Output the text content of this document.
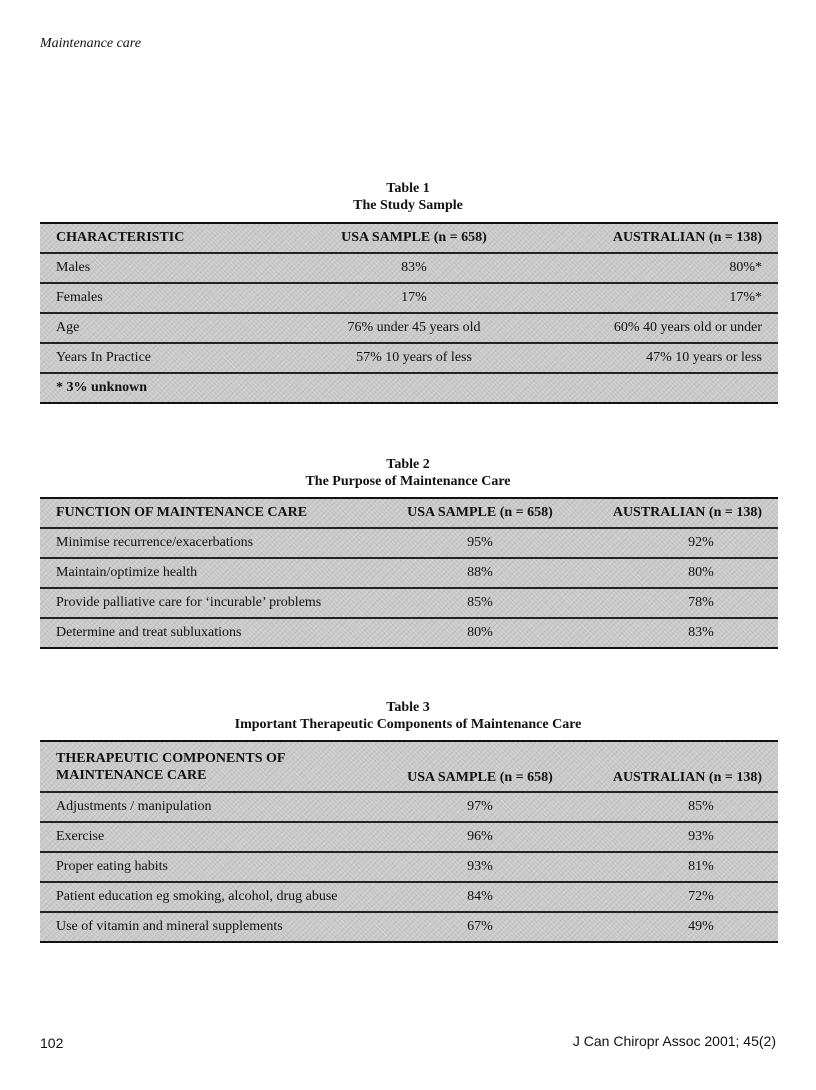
Maintenance care
Table 1
The Study Sample
CHARACTERISTIC	USA SAMPLE (n = 658)	AUSTRALIAN (n = 138)
Males	83%	80%*
Females	17%	17%*
Age	76% under 45 years old	60% 40 years old or under
Years In Practice	57% 10 years of less	47% 10 years or less
* 3% unknown		
Table 2
The Purpose of Maintenance Care
FUNCTION OF MAINTENANCE CARE	USA SAMPLE (n = 658)	AUSTRALIAN (n = 138)
Minimise recurrence/exacerbations	95%	92%
Maintain/optimize health	88%	80%
Provide palliative care for ‘incurable’ problems	85%	78%
Determine and treat subluxations	80%	83%
Table 3
Important Therapeutic Components of Maintenance Care
THERAPEUTIC COMPONENTS OF
MAINTENANCE CARE	USA SAMPLE (n = 658)	AUSTRALIAN (n = 138)
Adjustments / manipulation	97%	85%
Exercise	96%	93%
Proper eating habits	93%	81%
Patient education eg smoking, alcohol, drug abuse	84%	72%
Use of vitamin and mineral supplements	67%	49%
102	J Can Chiropr Assoc 2001; 45(2)
